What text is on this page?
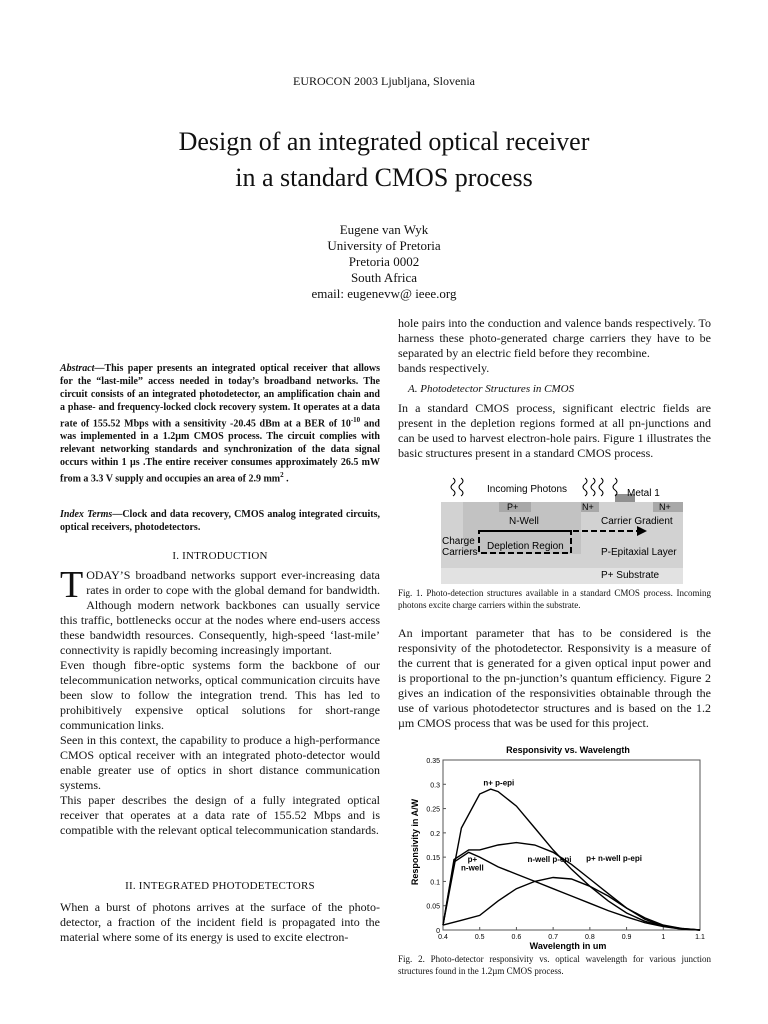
EUROCON 2003 Ljubljana, Slovenia
Design of an integrated optical receiver
in a standard CMOS process
Eugene van Wyk
University of Pretoria
Pretoria 0002
South Africa
email: eugenevw@ ieee.org
Abstract—This paper presents an integrated optical receiver that allows for the “last-mile” access needed in today’s broadband networks. The circuit consists of an integrated photodetector, an amplification chain and a phase- and frequency-locked clock recovery system. It operates at a data rate of 155.52 Mbps with a sensitivity -20.45 dBm at a BER of $10^{-10}$ and was implemented in a 1.2µm CMOS process. The circuit complies with relevant networking standards and synchronization of the data signal occurs within 1 µs .The entire receiver consumes approximately 26.5 mW from a 3.3 V supply and occupies an area of 2.9 $mm^2$ .
Index Terms—Clock and data recovery, CMOS analog integrated circuits, optical receivers, photodetectors.
I. INTRODUCTION
TODAY’S broadband networks support ever-increasing data rates in order to cope with the global demand for bandwidth. Although modern network backbones can usually service this traffic, bottlenecks occur at the nodes where end-users access these bandwidth resources. Consequently, high-speed ‘last-mile’ connectivity is rapidly becoming increasingly important.
Even though fibre-optic systems form the backbone of our telecommunication networks, optical communication circuits have been slow to follow the integration trend. This has led to prohibitively expensive optical solutions for short-range communication links.
Seen in this context, the capability to produce a high-performance CMOS optical receiver with an integrated photo-detector would enable greater use of optics in short distance communication systems.
This paper describes the design of a fully integrated optical receiver that operates at a data rate of 155.52 Mbps and is compatible with the relevant optical telecommunication standards.
II. INTEGRATED PHOTODETECTORS
When a burst of photons arrives at the surface of the photo-detector, a fraction of the incident field is propagated into the material where some of its energy is used to excite electron-
hole pairs into the conduction and valence bands respectively. To harness these photo-generated charge carriers they have to be separated by an electric field before they recombine.
bands respectively.
A. Photodetector Structures in CMOS
In a standard CMOS process, significant electric fields are present in the depletion regions formed at all pn-junctions and can be used to harvest electron-hole pairs. Figure 1 illustrates the basic structures present in a standard CMOS process.
Incoming Photons	Metal 1
P+	N+	N+
N-Well	Carrier Gradient
Charge
Carriers
Depletion Region
P-Epitaxial Layer
P+ Substrate
Fig. 1. Photo-detection structures available in a standard CMOS process. Incoming photons excite charge carriers within the substrate.
An important parameter that has to be considered is the responsivity of the photodetector. Responsivity is a measure of the current that is generated for a given optical input power and is proportional to the pn-junction’s quantum efficiency. Figure 2 gives an indication of the responsivities obtainable through the use of various photodetector structures and is based on the 1.2 µm CMOS process that was be used for this project.
Responsivity vs. Wavelength
Wavelength in um
Responsivity in A/W
0
0.05
0.1
0.15
0.2
0.25
0.3
0.35
0.4	0.5	0.6	0.7	0.8	0.9	1	1.1
n+ p-epi
p+
n-well
n-well p-epi p+ n-well p-epi
Fig. 2. Photo-detector responsivity vs. optical wavelength for various junction structures found in the 1.2µm CMOS process.
